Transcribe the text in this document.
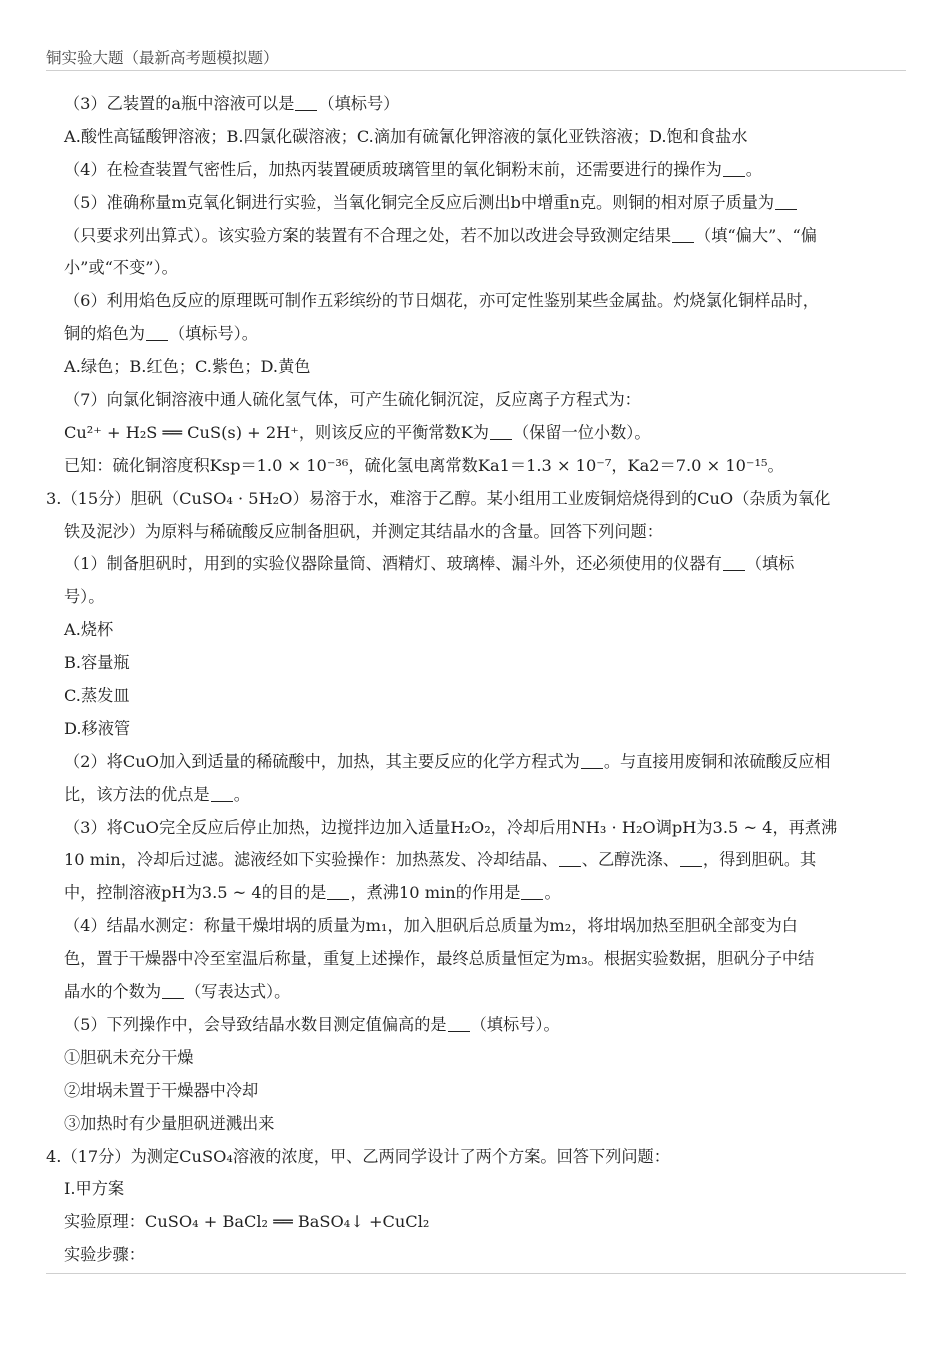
铜实验大题（最新高考题模拟题）
（3）乙装置的a瓶中溶液可以是 （填标号）
A.酸性高锰酸钾溶液；B.四氯化碳溶液；C.滴加有硫氰化钾溶液的氯化亚铁溶液；D.饱和食盐水
（4）在检查装置气密性后，加热丙装置硬质玻璃管里的氧化铜粉末前，还需要进行的操作为 。
（5）准确称量m克氧化铜进行实验，当氧化铜完全反应后测出b中增重n克。则铜的相对原子质量为
（只要求列出算式）。该实验方案的装置有不合理之处，若不加以改进会导致测定结果 （填“偏大”、“偏
小”或“不变”）。
（6）利用焰色反应的原理既可制作五彩缤纷的节日烟花，亦可定性鉴别某些金属盐。灼烧氯化铜样品时，
铜的焰色为 （填标号）。
A.绿色；B.红色；C.紫色；D.黄色
（7）向氯化铜溶液中通人硫化氢气体，可产生硫化铜沉淀，反应离子方程式为：
Cu²⁺ + H₂S ══ CuS(s) + 2H⁺，则该反应的平衡常数K为 （保留一位小数）。
已知：硫化铜溶度积Ksp＝1.0 × 10⁻³⁶，硫化氢电离常数Ka1＝1.3 × 10⁻⁷，Ka2＝7.0 × 10⁻¹⁵。
3.（15分）胆矾（CuSO₄ · 5H₂O）易溶于水，难溶于乙醇。某小组用工业废铜焙烧得到的CuO（杂质为氧化
铁及泥沙）为原料与稀硫酸反应制备胆矾，并测定其结晶水的含量。回答下列问题：
（1）制备胆矾时，用到的实验仪器除量筒、酒精灯、玻璃棒、漏斗外，还必须使用的仪器有 （填标
号）。
A.烧杯
B.容量瓶
C.蒸发皿
D.移液管
（2）将CuO加入到适量的稀硫酸中，加热，其主要反应的化学方程式为 。与直接用废铜和浓硫酸反应相
比，该方法的优点是 。
（3）将CuO完全反应后停止加热，边搅拌边加入适量H₂O₂，冷却后用NH₃ · H₂O调pH为3.5 ~ 4，再煮沸
10 min，冷却后过滤。滤液经如下实验操作：加热蒸发、冷却结晶、 、乙醇洗涤、 ，得到胆矾。其
中，控制溶液pH为3.5 ~ 4的目的是 ，煮沸10 min的作用是 。
（4）结晶水测定：称量干燥坩埚的质量为m₁，加入胆矾后总质量为m₂，将坩埚加热至胆矾全部变为白
色，置于干燥器中冷至室温后称量，重复上述操作，最终总质量恒定为m₃。根据实验数据，胆矾分子中结
晶水的个数为 （写表达式）。
（5）下列操作中，会导致结晶水数目测定值偏高的是 （填标号）。
①胆矾未充分干燥
②坩埚未置于干燥器中冷却
③加热时有少量胆矾迸溅出来
4.（17分）为测定CuSO₄溶液的浓度，甲、乙两同学设计了两个方案。回答下列问题：
I.甲方案
实验原理：CuSO₄ + BaCl₂ ══ BaSO₄↓ +CuCl₂
实验步骤：
